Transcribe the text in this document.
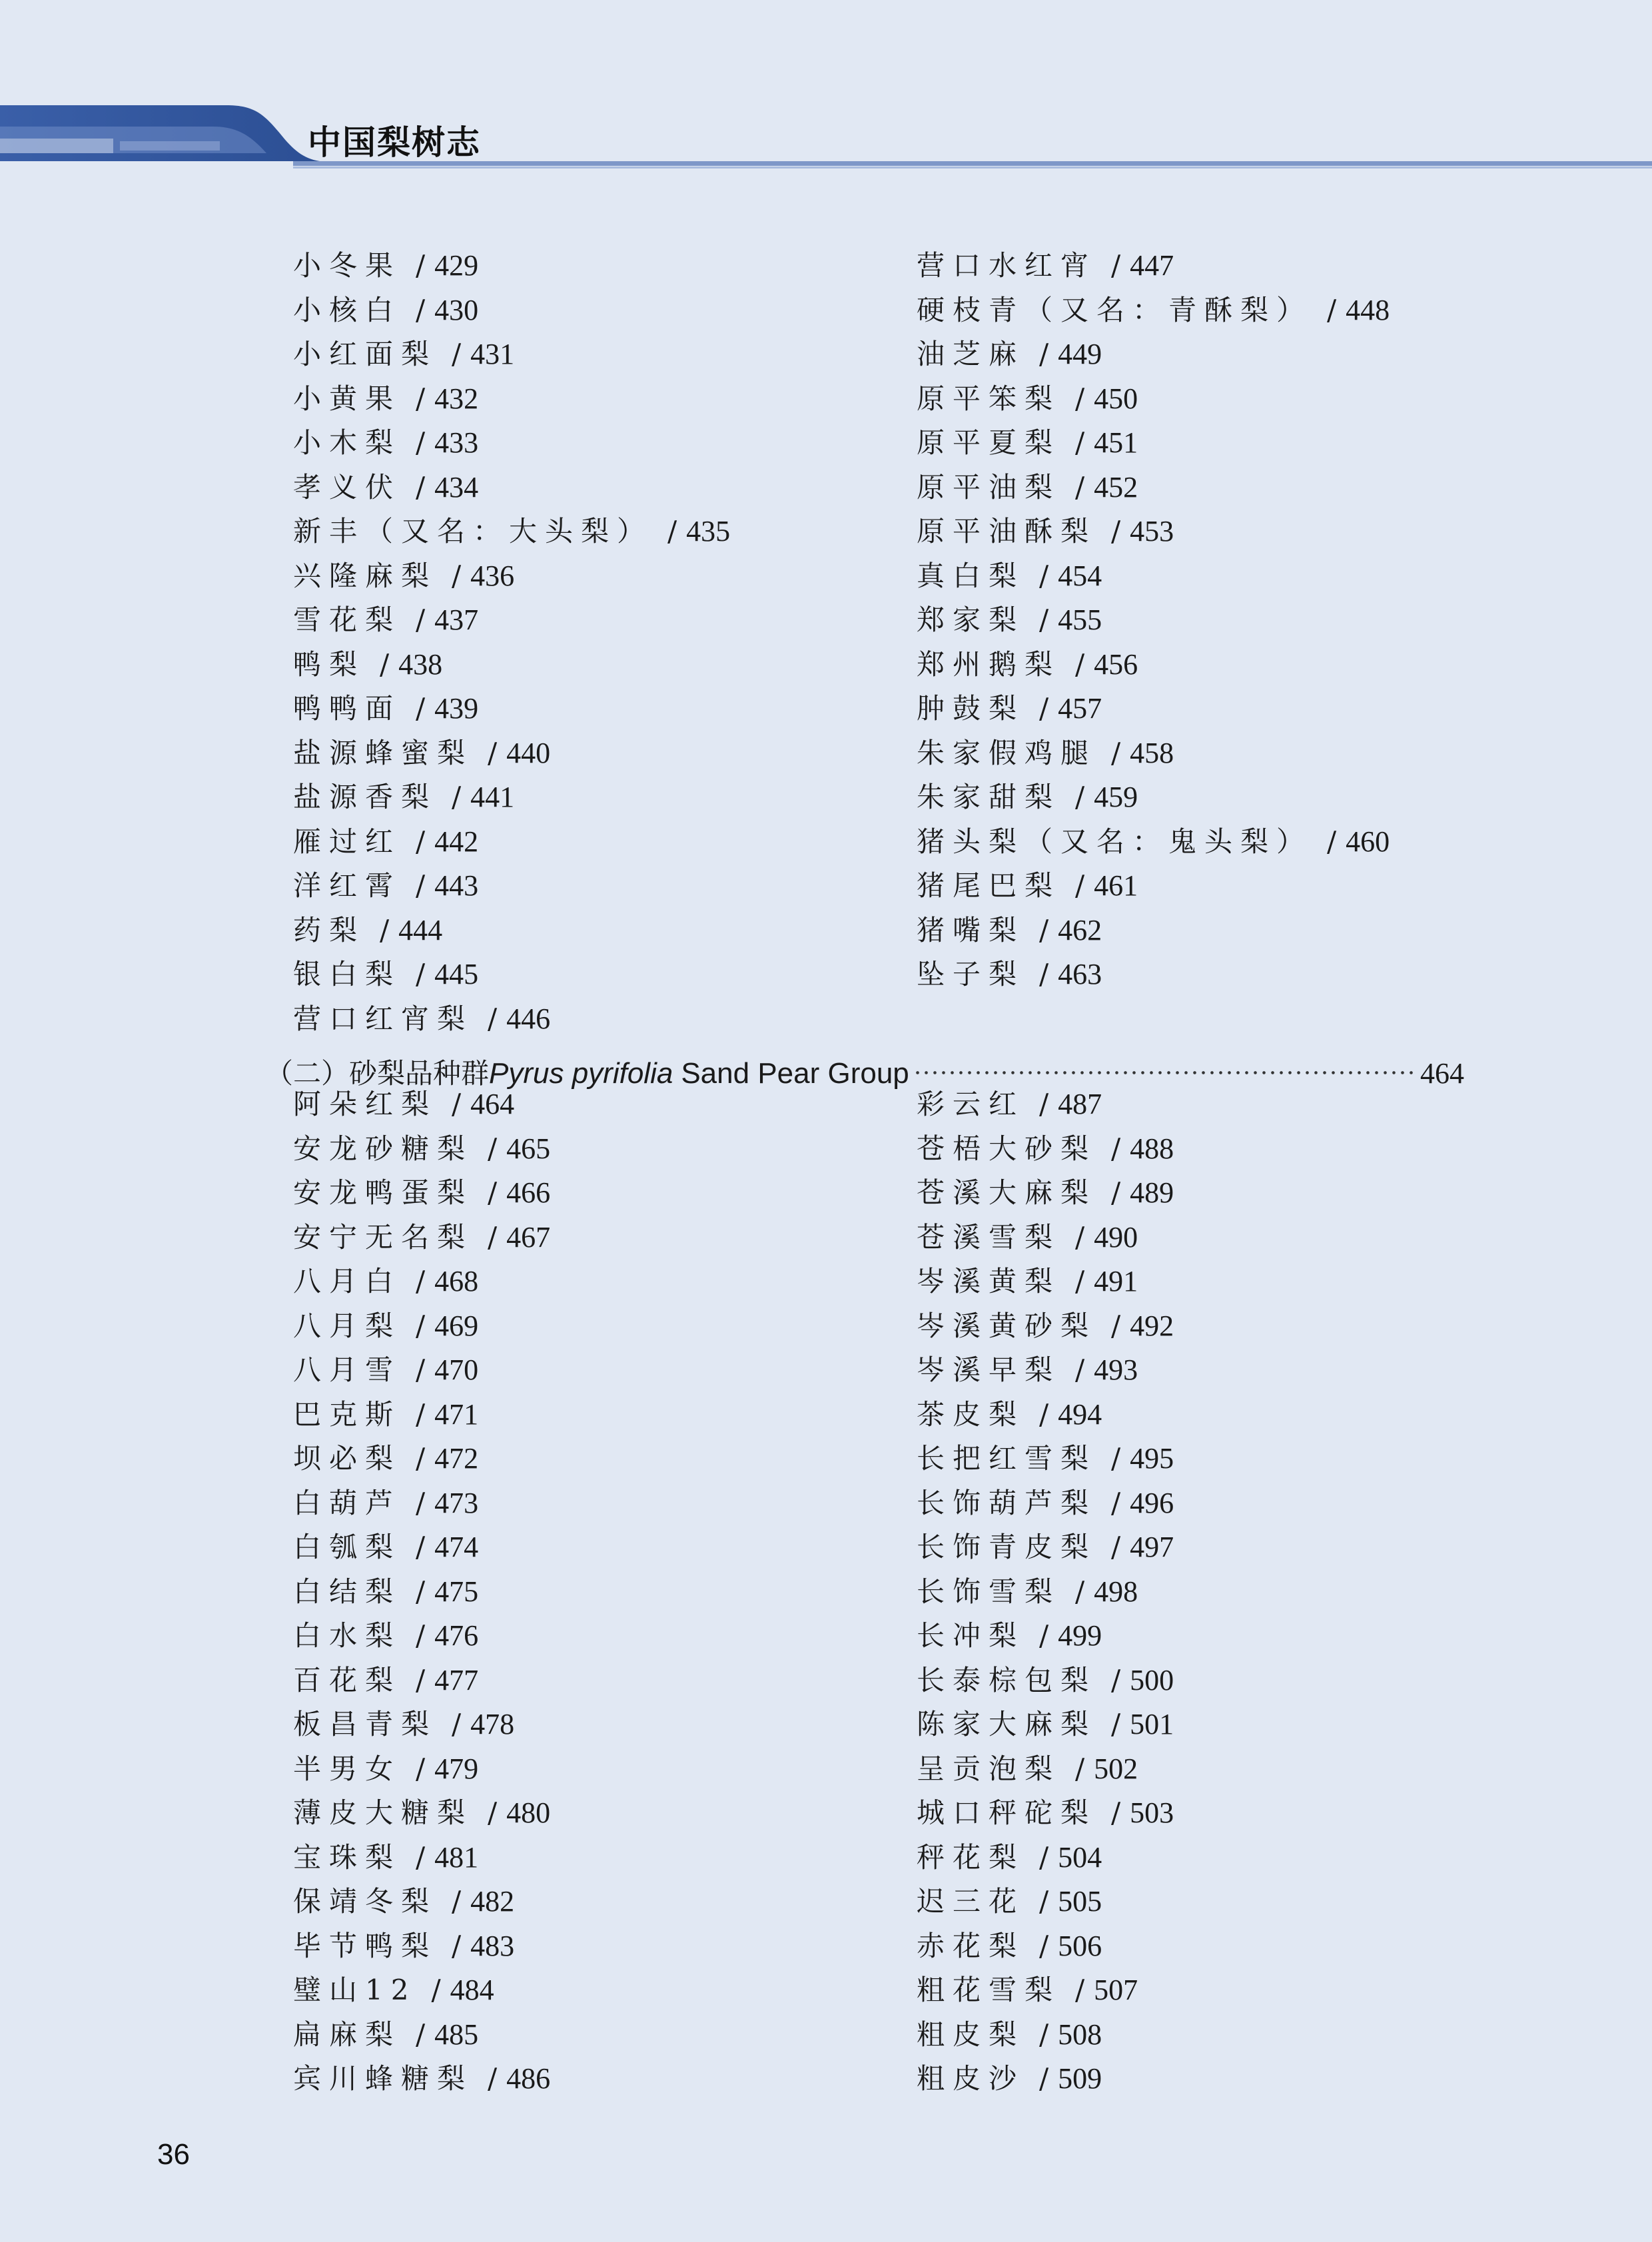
中国梨树志
小冬果 / 429
小核白 / 430
小红面梨 / 431
小黄果 / 432
小木梨 / 433
孝义伏 / 434
新丰（又名：大头梨） / 435
兴隆麻梨 / 436
雪花梨 / 437
鸭梨 / 438
鸭鸭面 / 439
盐源蜂蜜梨 / 440
盐源香梨 / 441
雁过红 / 442
洋红霄 / 443
药梨 / 444
银白梨 / 445
营口红宵梨 / 446
营口水红宵 / 447
硬枝青（又名：青酥梨） / 448
油芝麻 / 449
原平笨梨 / 450
原平夏梨 / 451
原平油梨 / 452
原平油酥梨 / 453
真白梨 / 454
郑家梨 / 455
郑州鹅梨 / 456
肿鼓梨 / 457
朱家假鸡腿 / 458
朱家甜梨 / 459
猪头梨（又名：鬼头梨） / 460
猪尾巴梨 / 461
猪嘴梨 / 462
坠子梨 / 463
（二）砂梨品种群 Pyrus pyrifolia Sand Pear Group	464
阿朵红梨 / 464
安龙砂糖梨 / 465
安龙鸭蛋梨 / 466
安宁无名梨 / 467
八月白 / 468
八月梨 / 469
八月雪 / 470
巴克斯 / 471
坝必梨 / 472
白葫芦 / 473
白瓠梨 / 474
白结梨 / 475
白水梨 / 476
百花梨 / 477
板昌青梨 / 478
半男女 / 479
薄皮大糖梨 / 480
宝珠梨 / 481
保靖冬梨 / 482
毕节鸭梨 / 483
璧山12 / 484
扁麻梨 / 485
宾川蜂糖梨 / 486
彩云红 / 487
苍梧大砂梨 / 488
苍溪大麻梨 / 489
苍溪雪梨 / 490
岑溪黄梨 / 491
岑溪黄砂梨 / 492
岑溪早梨 / 493
茶皮梨 / 494
长把红雪梨 / 495
长饰葫芦梨 / 496
长饰青皮梨 / 497
长饰雪梨 / 498
长冲梨 / 499
长泰棕包梨 / 500
陈家大麻梨 / 501
呈贡泡梨 / 502
城口秤砣梨 / 503
秤花梨 / 504
迟三花 / 505
赤花梨 / 506
粗花雪梨 / 507
粗皮梨 / 508
粗皮沙 / 509
36
